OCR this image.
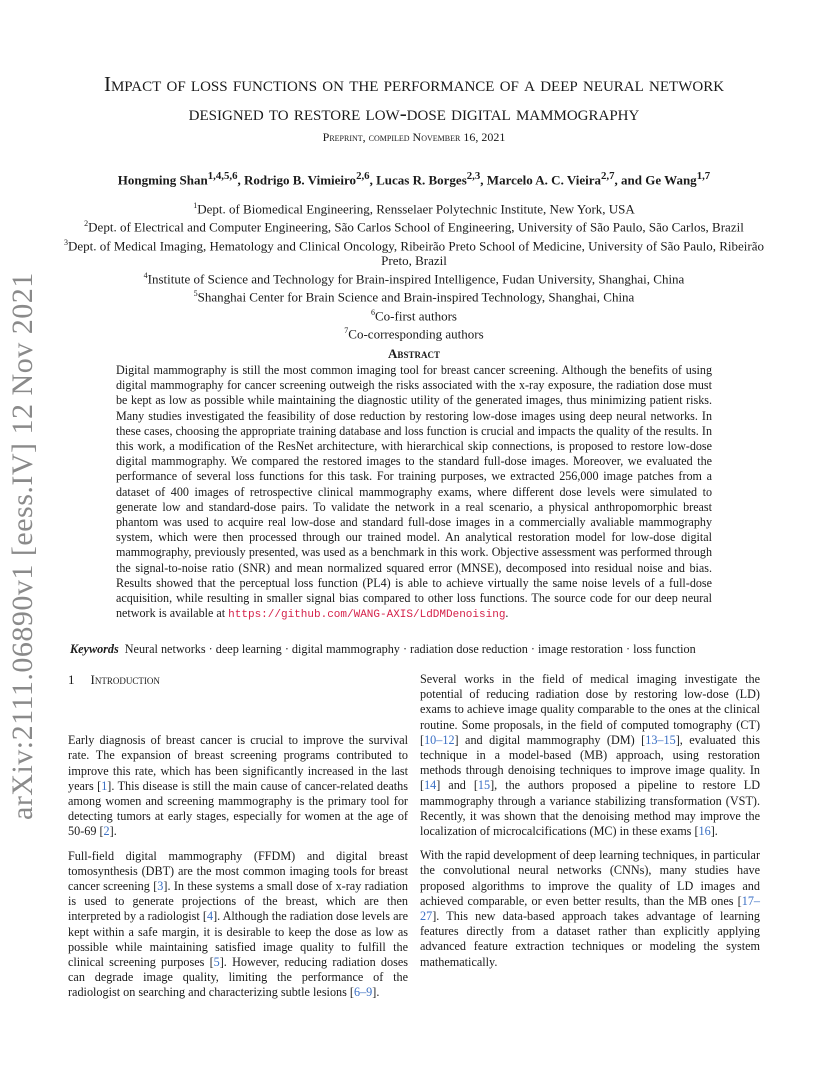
arXiv:2111.06890v1 [eess.IV] 12 Nov 2021
Impact of loss functions on the performance of a deep neural network
designed to restore low-dose digital mammography
Preprint, compiled November 16, 2021
Hongming Shan$^{1,4,5,6}$, Rodrigo B. Vimieiro$^{2,6}$, Lucas R. Borges$^{2,3}$, Marcelo A. C. Vieira$^{2,7}$, and Ge Wang$^{1,7}$
$^1$Dept. of Biomedical Engineering, Rensselaer Polytechnic Institute, New York, USA
$^2$Dept. of Electrical and Computer Engineering, São Carlos School of Engineering, University of São Paulo, São Carlos, Brazil
$^3$Dept. of Medical Imaging, Hematology and Clinical Oncology, Ribeirão Preto School of Medicine, University of São Paulo, Ribeirão Preto, Brazil
$^4$Institute of Science and Technology for Brain-inspired Intelligence, Fudan University, Shanghai, China
$^5$Shanghai Center for Brain Science and Brain-inspired Technology, Shanghai, China
$^6$Co-first authors
$^7$Co-corresponding authors
Abstract

Digital mammography is still the most common imaging tool for breast cancer screening. Although the benefits of using digital mammography for cancer screening outweigh the risks associated with the x-ray exposure, the radiation dose must be kept as low as possible while maintaining the diagnostic utility of the generated images, thus minimizing patient risks. Many studies investigated the feasibility of dose reduction by restoring low-dose images using deep neural networks. In these cases, choosing the appropriate training database and loss function is crucial and impacts the quality of the results. In this work, a modification of the ResNet architecture, with hierarchical skip connections, is proposed to restore low-dose digital mammography. We compared the restored images to the standard full-dose images. Moreover, we evaluated the performance of several loss functions for this task. For training purposes, we extracted 256,000 image patches from a dataset of 400 images of retrospective clinical mammography exams, where different dose levels were simulated to generate low and standard-dose pairs. To validate the network in a real scenario, a physical anthropomorphic breast phantom was used to acquire real low-dose and standard full-dose images in a commercially avaliable mammography system, which were then processed through our trained model. An analytical restoration model for low-dose digital mammography, previously presented, was used as a benchmark in this work. Objective assessment was performed through the signal-to-noise ratio (SNR) and mean normalized squared error (MNSE), decomposed into residual noise and bias. Results showed that the perceptual loss function (PL4) is able to achieve virtually the same noise levels of a full-dose acquisition, while resulting in smaller signal bias compared to other loss functions. The source code for our deep neural network is available at https://github.com/WANG-AXIS/LdDMDenoising.

Keywords Neural networks · deep learning · digital mammography · radiation dose reduction · image restoration · loss function
1 Introduction

Early diagnosis of breast cancer is crucial to improve the survival rate. The expansion of breast screening programs contributed to improve this rate, which has been significantly increased in the last years [1]. This disease is still the main cause of cancer-related deaths among women and screening mammography is the primary tool for detecting tumors at early stages, especially for women at the age of 50-69 [2].

Full-field digital mammography (FFDM) and digital breast tomosynthesis (DBT) are the most common imaging tools for breast cancer screening [3]. In these systems a small dose of x-ray radiation is used to generate projections of the breast, which are then interpreted by a radiologist [4]. Although the radiation dose levels are kept within a safe margin, it is desirable to keep the dose as low as possible while maintaining satisfied image quality to fulfill the clinical screening purposes [5]. However, reducing radiation doses can degrade image quality, limiting the performance of the radiologist on searching and characterizing subtle lesions [6–9].

Several works in the field of medical imaging investigate the potential of reducing radiation dose by restoring low-dose (LD) exams to achieve image quality comparable to the ones at the clinical routine. Some proposals, in the field of computed tomography (CT) [10–12] and digital mammography (DM) [13–15], evaluated this technique in a model-based (MB) approach, using restoration methods through denoising techniques to improve image quality. In [14] and [15], the authors proposed a pipeline to restore LD mammography through a variance stabilizing transformation (VST). Recently, it was shown that the denoising method may improve the localization of microcalcifications (MC) in these exams [16].

With the rapid development of deep learning techniques, in particular the convolutional neural networks (CNNs), many studies have proposed algorithms to improve the quality of LD images and achieved comparable, or even better results, than the MB ones [17–27]. This new data-based approach takes advantage of learning features directly from a dataset rather than explicitly applying advanced feature extraction techniques or modeling the system mathematically.
